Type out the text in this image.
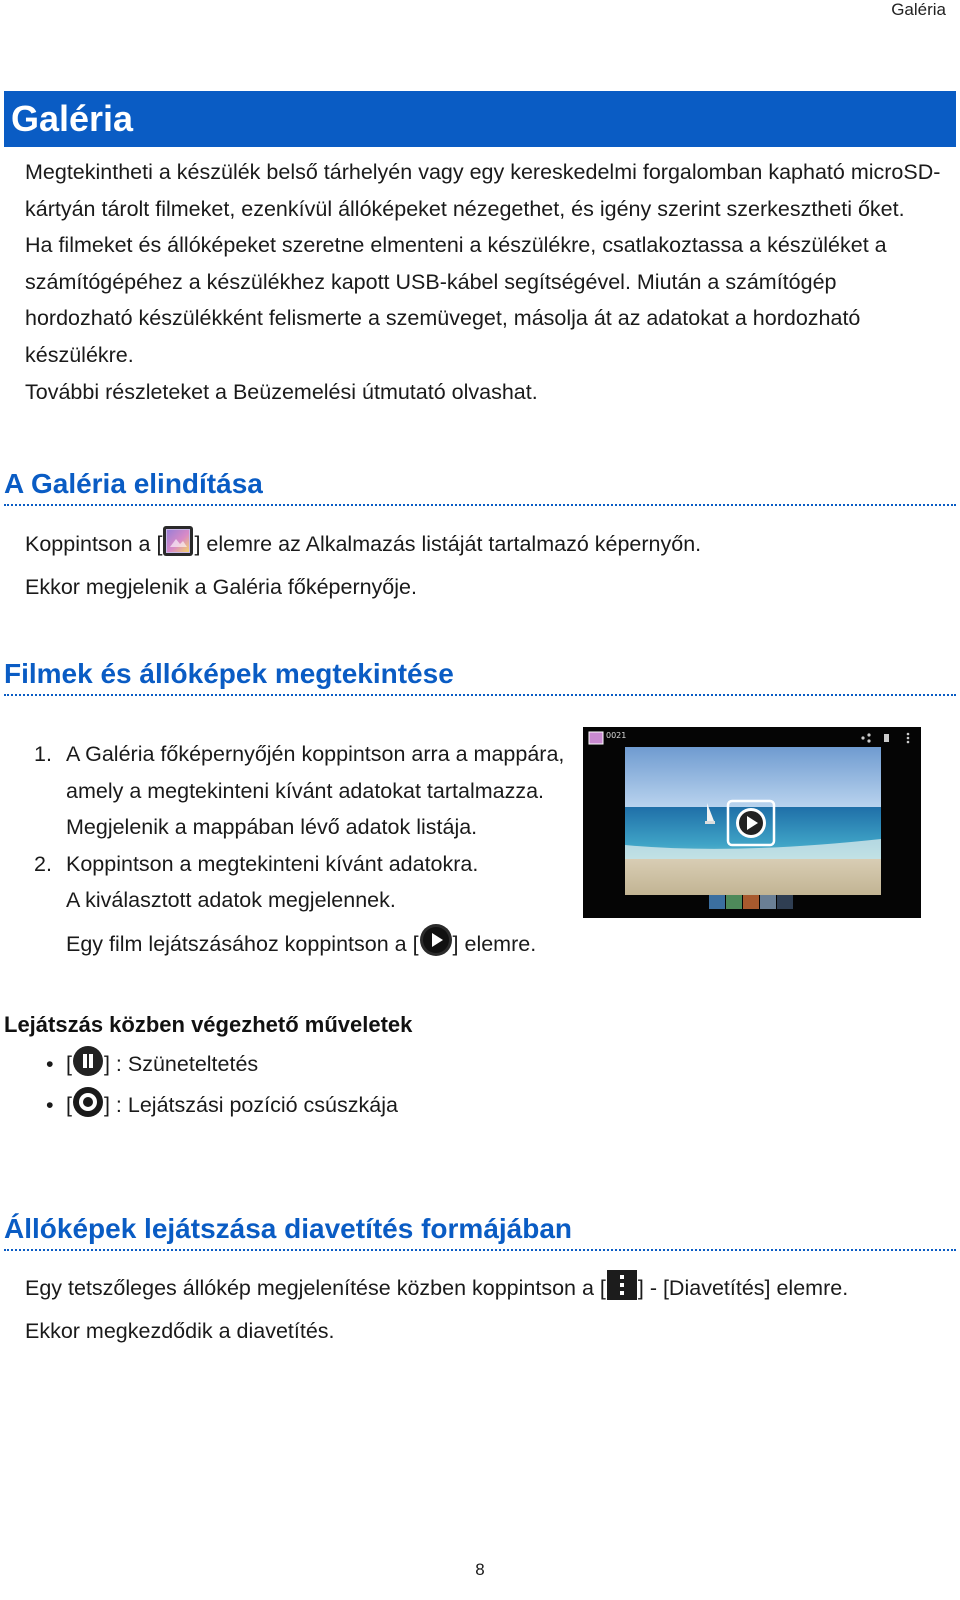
Galéria
Galéria

Megtekintheti a készülék belső tárhelyén vagy egy kereskedelmi forgalomban kapható microSD-kártyán tárolt filmeket, ezenkívül állóképeket nézegethet, és igény szerint szerkesztheti őket.

Ha filmeket és állóképeket szeretne elmenteni a készülékre, csatlakoztassa a készüléket a számítógépéhez a készülékhez kapott USB-kábel segítségével. Miután a számítógép hordozható készülékként felismerte a szemüveget, másolja át az adatokat a hordozható készülékre.

További részleteket a Beüzemelési útmutató olvashat.

A Galéria elindítása

Koppintson a [ ] elemre az Alkalmazás listáját tartalmazó képernyőn.

Ekkor megjelenik a Galéria főképernyője.

Filmek és állóképek megtekintése
1. A Galéria főképernyőjén koppintson arra a mappára, amely a megtekinteni kívánt adatokat tartalmazza.

Megjelenik a mappában lévő adatok listája.

2. Koppintson a megtekinteni kívánt adatokra.

A kiválasztott adatok megjelennek.

Egy film lejátszásához koppintson a [ ] elemre.

0021
Lejátszás közben végezhető műveletek
• [ ] : Szüneteltetés
• [ ] : Lejátszási pozíció csúszkája
Állóképek lejátszása diavetítés formájában

Egy tetszőleges állókép megjelenítése közben koppintson a [ ] - [Diavetítés] elemre.

Ekkor megkezdődik a diavetítés.

8
